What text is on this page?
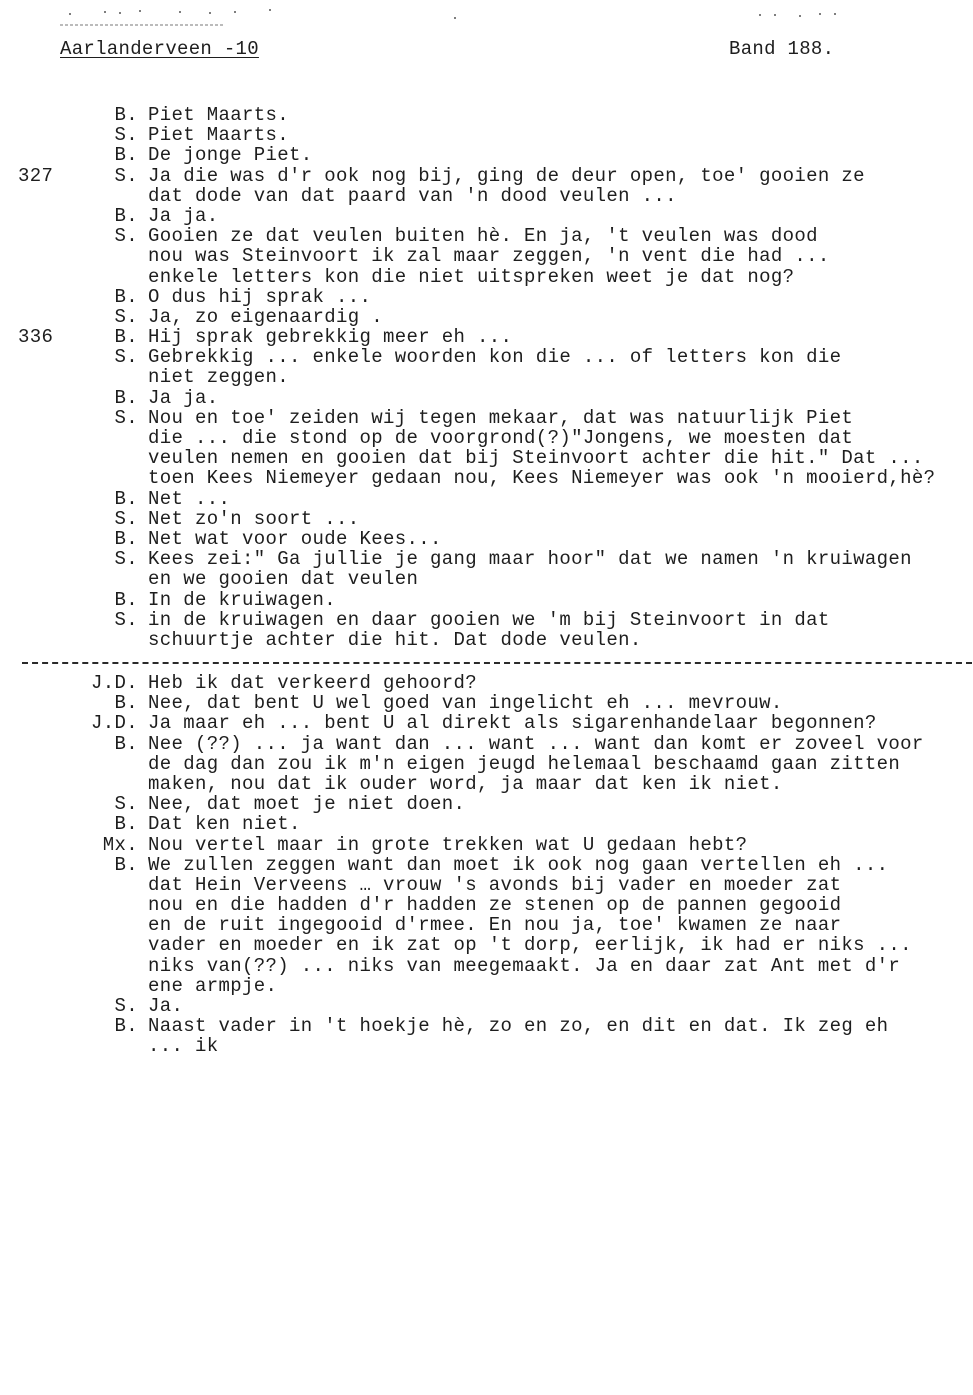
Aarlanderveen -10	Band 188.
B. Piet Maarts.
S. Piet Maarts.
B. De jonge Piet.
327	S. Ja die was d'r ook nog bij, ging de deur open, toe' gooien ze
dat dode van dat paard van 'n dood veulen ...
B. Ja ja.
S. Gooien ze dat veulen buiten hè. En ja, 't veulen was dood
nou was Steinvoort ik zal maar zeggen, 'n vent die had ...
enkele letters kon die niet uitspreken weet je dat nog?
B. O dus hij sprak ...
S. Ja, zo eigenaardig .
336	B. Hij sprak gebrekkig meer eh ...
S. Gebrekkig ... enkele woorden kon die ... of letters kon die
niet zeggen.
B. Ja ja.
S. Nou en toe' zeiden wij tegen mekaar, dat was natuurlijk Piet
die ... die stond op de voorgrond(?)"Jongens, we moesten dat
veulen nemen en gooien dat bij Steinvoort achter die hit." Dat ...
toen Kees Niemeyer gedaan nou, Kees Niemeyer was ook 'n mooierd,hè?
B. Net ...
S. Net zo'n soort ...
B. Net wat voor oude Kees...
S. Kees zei:" Ga jullie je gang maar hoor" dat we namen 'n kruiwagen
en we gooien dat veulen
B. In de kruiwagen.
S. in de kruiwagen en daar gooien we 'm bij Steinvoort in dat
schuurtje achter die hit. Dat dode veulen.
J.D. Heb ik dat verkeerd gehoord?
B. Nee, dat bent U wel goed van ingelicht eh ... mevrouw.
J.D. Ja maar eh ... bent U al direkt als sigarenhandelaar begonnen?
B. Nee (??) ... ja want dan ... want ... want dan komt er zoveel voor
de dag dan zou ik m'n eigen jeugd helemaal beschaamd gaan zitten
maken, nou dat ik ouder word, ja maar dat ken ik niet.
S. Nee, dat moet je niet doen.
B. Dat ken niet.
Mx. Nou vertel maar in grote trekken wat U gedaan hebt?
B. We zullen zeggen want dan moet ik ook nog gaan vertellen eh ...
dat Hein Verveens … vrouw 's avonds bij vader en moeder zat
nou en die hadden d'r hadden ze stenen op de pannen gegooid
en de ruit ingegooid d'rmee. En nou ja, toe' kwamen ze naar
vader en moeder en ik zat op 't dorp, eerlijk, ik had er niks ...
niks van(??) ... niks van meegemaakt. Ja en daar zat Ant met d'r
ene armpje.
S. Ja.
B. Naast vader in 't hoekje hè, zo en zo, en dit en dat. Ik zeg eh
... ik
